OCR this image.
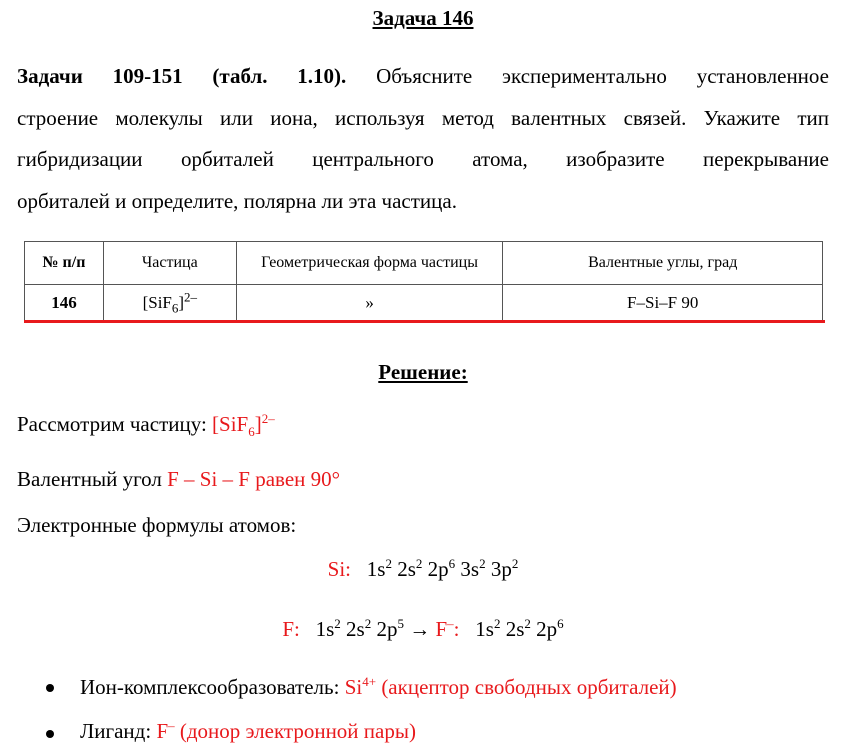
Задача 146
Задачи 109-151 (табл. 1.10). Объясните экспериментально установленное
строение молекулы или иона, используя метод валентных связей. Укажите тип
гибридизации орбиталей центрального атома, изобразите перекрывание
орбиталей и определите, полярна ли эта частица.
№ п/п	Частица	Геометрическая форма частицы	Валентные углы, град
146	$[SiF_6]^{2-}$	»	F–Si–F 90
Решение:
Рассмотрим частицу: $[SiF_6]^{2-}$
Валентный угол F – Si – F равен 90°
Электронные формулы атомов:
Si: $1s^2$ $2s^2$ $2p^6$ $3s^2$ $3p^2$
F: $1s^2$ $2s^2$ $2p^5 \to F^-$: $1s^2$ $2s^2$ $2p^6$
Ион-комплексообразователь: $Si^{4+}$ (акцептор свободных орбиталей)
Лиганд: F– (донор электронной пары)
